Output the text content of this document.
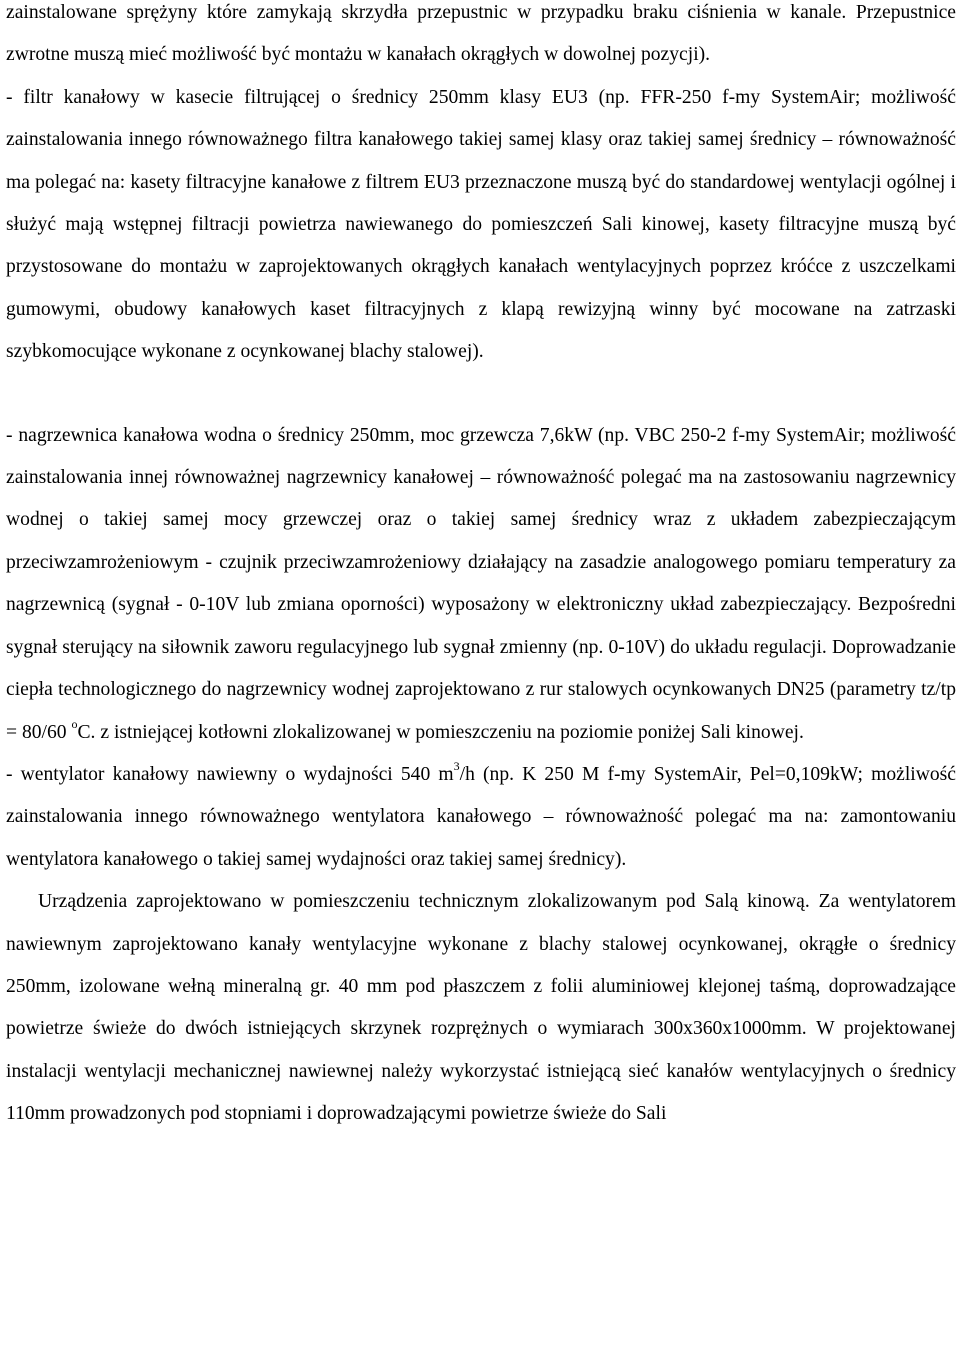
zainstalowane sprężyny które zamykają skrzydła przepustnic w przypadku braku ciśnienia w kanale. Przepustnice zwrotne muszą mieć możliwość być montażu w kanałach okrągłych w dowolnej pozycji).

- filtr kanałowy w kasecie filtrującej o średnicy 250mm klasy EU3 (np. FFR-250 f-my SystemAir; możliwość zainstalowania innego równoważnego filtra kanałowego takiej samej klasy oraz takiej samej średnicy – równoważność ma polegać na: kasety filtracyjne kanałowe z filtrem EU3 przeznaczone muszą być do standardowej wentylacji ogólnej i służyć mają wstępnej filtracji powietrza nawiewanego do pomieszczeń Sali kinowej, kasety filtracyjne muszą być przystosowane do montażu w zaprojektowanych okrągłych kanałach wentylacyjnych poprzez króćce z uszczelkami gumowymi, obudowy kanałowych kaset filtracyjnych z klapą rewizyjną winny być mocowane na zatrzaski szybkomocujące wykonane z ocynkowanej blachy stalowej).

- nagrzewnica kanałowa wodna o średnicy 250mm, moc grzewcza 7,6kW (np. VBC 250-2 f-my SystemAir; możliwość zainstalowania innej równoważnej nagrzewnicy kanałowej – równoważność polegać ma na zastosowaniu nagrzewnicy wodnej o takiej samej mocy grzewczej oraz o takiej samej średnicy wraz z układem zabezpieczającym przeciwzamrożeniowym - czujnik przeciwzamrożeniowy działający na zasadzie analogowego pomiaru temperatury za nagrzewnicą (sygnał - 0-10V lub zmiana oporności) wyposażony w elektroniczny układ zabezpieczający. Bezpośredni sygnał sterujący na siłownik zaworu regulacyjnego lub sygnał zmienny (np. 0-10V) do układu regulacji. Doprowadzanie ciepła technologicznego do nagrzewnicy wodnej zaprojektowano z rur stalowych ocynkowanych DN25 (parametry tz/tp = 80/60 $^o$C. z istniejącej kotłowni zlokalizowanej w pomieszczeniu na poziomie poniżej Sali kinowej.

- wentylator kanałowy nawiewny o wydajności 540 $m^3/h$ (np. K 250 M f-my SystemAir, Pel=0,109kW; możliwość zainstalowania innego równoważnego wentylatora kanałowego – równoważność polegać ma na: zamontowaniu wentylatora kanałowego o takiej samej wydajności oraz takiej samej średnicy).

Urządzenia zaprojektowano w pomieszczeniu technicznym zlokalizowanym pod Salą kinową. Za wentylatorem nawiewnym zaprojektowano kanały wentylacyjne wykonane z blachy stalowej ocynkowanej, okrągłe o średnicy 250mm, izolowane wełną mineralną gr. 40 mm pod płaszczem z folii aluminiowej klejonej taśmą, doprowadzające powietrze świeże do dwóch istniejących skrzynek rozprężnych o wymiarach 300x360x1000mm. W projektowanej instalacji wentylacji mechanicznej nawiewnej należy wykorzystać istniejącą sieć kanałów wentylacyjnych o średnicy 110mm prowadzonych pod stopniami i doprowadzającymi powietrze świeże do Sali
